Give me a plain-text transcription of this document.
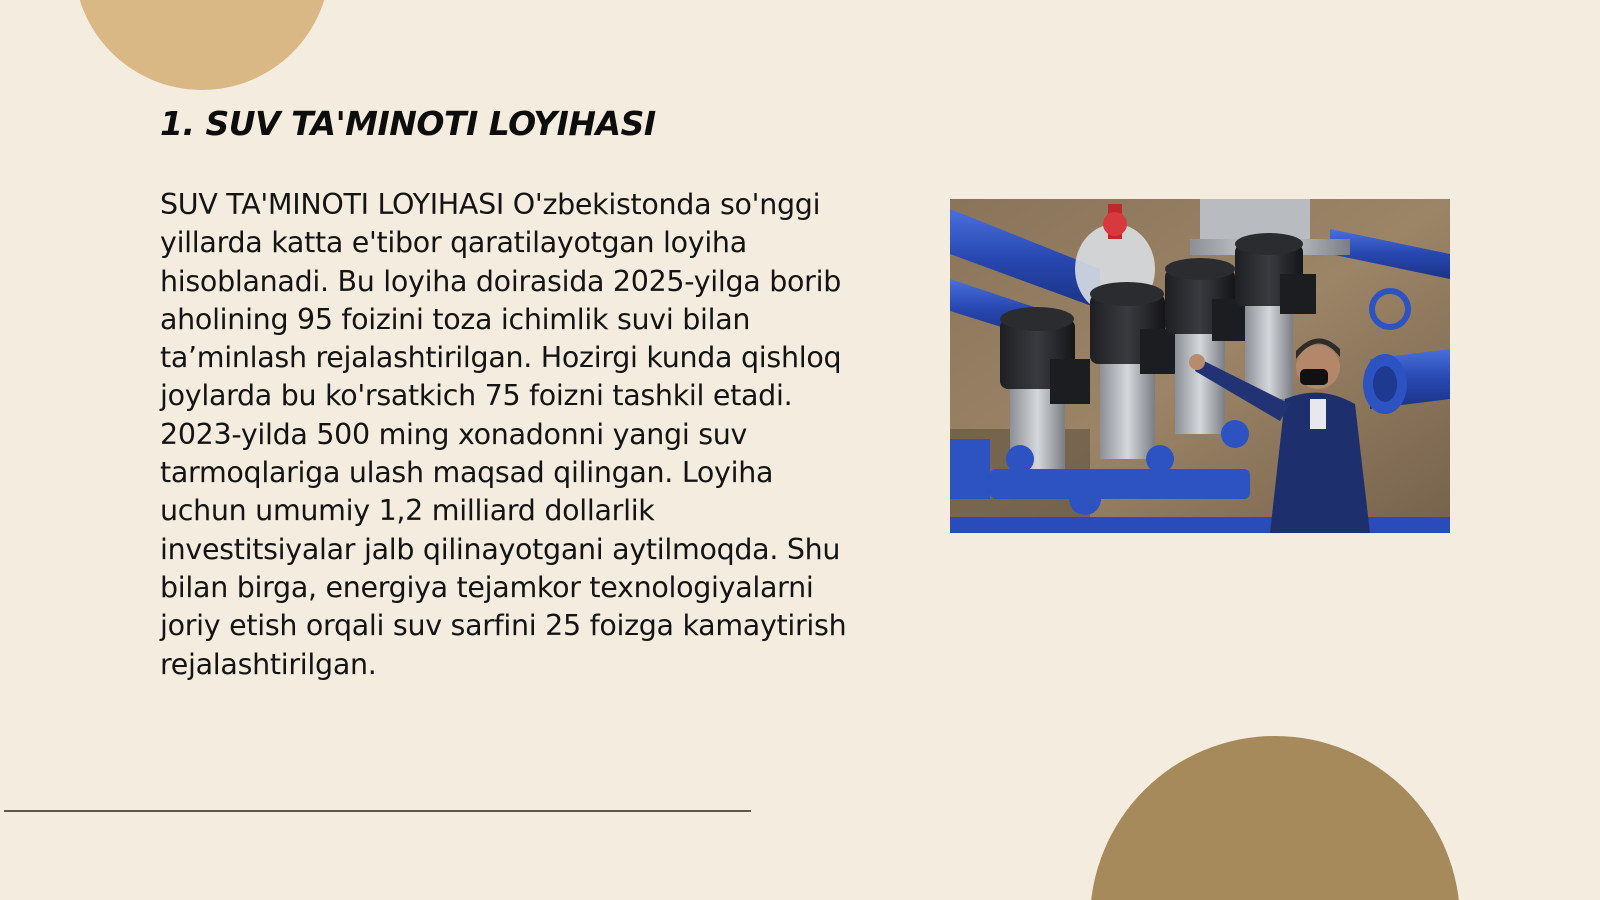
1. SUV TA'MINOTI LOYIHASI

SUV TA'MINOTI LOYIHASI O'zbekistonda so'nggi yillarda katta e'tibor qaratilayotgan loyiha hisoblanadi. Bu loyiha doirasida 2025-yilga borib aholining 95 foizini toza ichimlik suvi bilan ta’minlash rejalashtirilgan. Hozirgi kunda qishloq joylarda bu ko'rsatkich 75 foizni tashkil etadi. 2023-yilda 500 ming xonadonni yangi suv tarmoqlariga ulash maqsad qilingan. Loyiha uchun umumiy 1,2 milliard dollarlik investitsiyalar jalb qilinayotgani aytilmoqda. Shu bilan birga, energiya tejamkor texnologiyalarni joriy etish orqali suv sarfini 25 foizga kamaytirish rejalashtirilgan.
